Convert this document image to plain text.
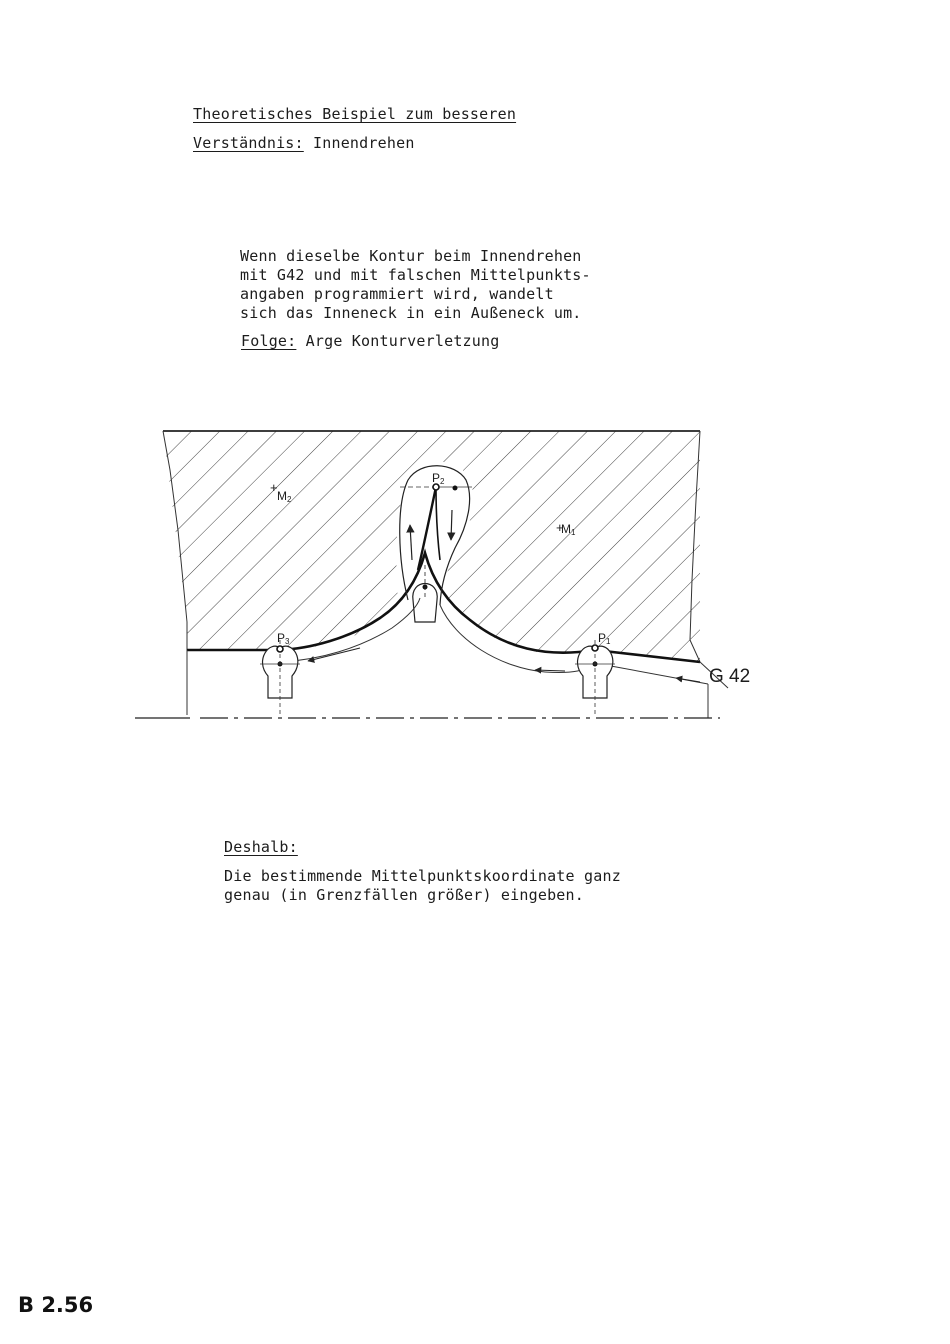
Theoretisches Beispiel zum besseren
Verständnis: Innendrehen
Wenn dieselbe Kontur beim Innendrehen
mit G42 und mit falschen Mittelpunkts-
angaben programmiert wird, wandelt
sich das Inneneck in ein Außeneck um.
Folge: Arge Konturverletzung
+
+
M2
M1
P2
P3	P1
G 42
Deshalb:
Die bestimmende Mittelpunktskoordinate ganz
genau (in Grenzfällen größer) eingeben.
B 2.56
